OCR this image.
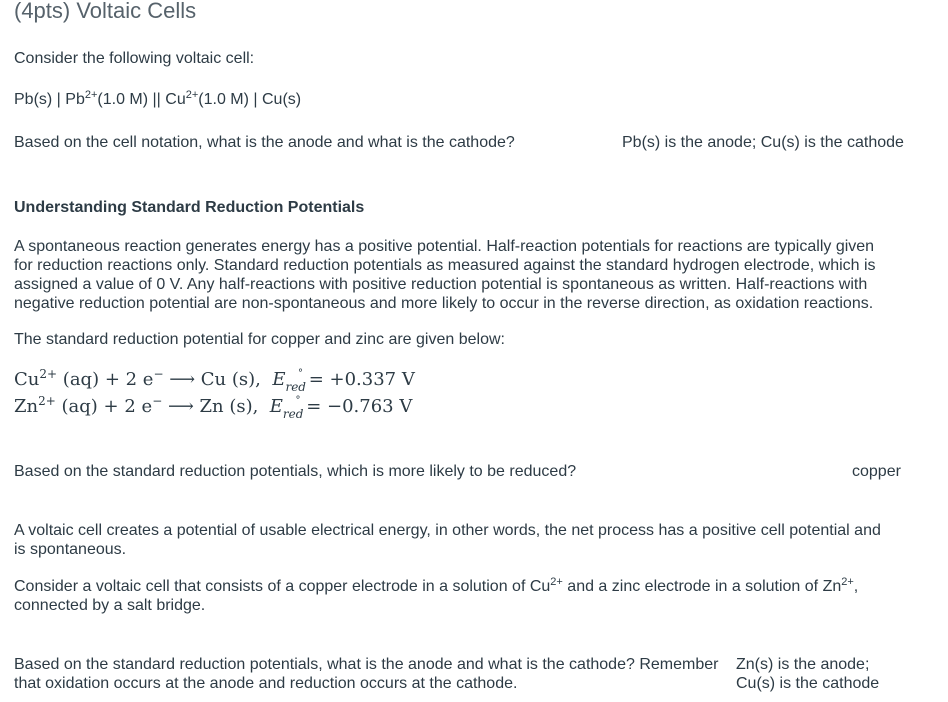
(4pts) Voltaic Cells
Consider the following voltaic cell:
Pb(s) | $Pb^{2+}(1.0$ M) || $Cu^{2+}(1.0$ M) | Cu(s)
Based on the cell notation, what is the anode and what is the cathode?	Pb(s) is the anode; Cu(s) is the cathode
Understanding Standard Reduction Potentials
A spontaneous reaction generates energy has a positive potential. Half-reaction potentials for reactions are typically given for reduction reactions only. Standard reduction potentials as measured against the standard hydrogen electrode, which is assigned a value of 0 V. Any half-reactions with positive reduction potential is spontaneous as written. Half-reactions with negative reduction potential are non-spontaneous and more likely to occur in the reverse direction, as oxidation reactions.
The standard reduction potential for copper and zinc are given below:
$Cu^{2+}$ (aq) + 2 e− ⟶ Cu (s), $E_{red}^\circ = +0.337$ V
$Zn^{2+}$ (aq) + 2 e− ⟶ Zn (s), $E_{red}^\circ = -0.763$ V
Based on the standard reduction potentials, which is more likely to be reduced?	copper
A voltaic cell creates a potential of usable electrical energy, in other words, the net process has a positive cell potential and is spontaneous.
Consider a voltaic cell that consists of a copper electrode in a solution of $Cu^{2+}$ and a zinc electrode in a solution of $Zn^{2+}$,
connected by a salt bridge.
Based on the standard reduction potentials, what is the anode and what is the cathode? Remember
that oxidation occurs at the anode and reduction occurs at the cathode.
Zn(s) is the anode;
Cu(s) is the cathode
